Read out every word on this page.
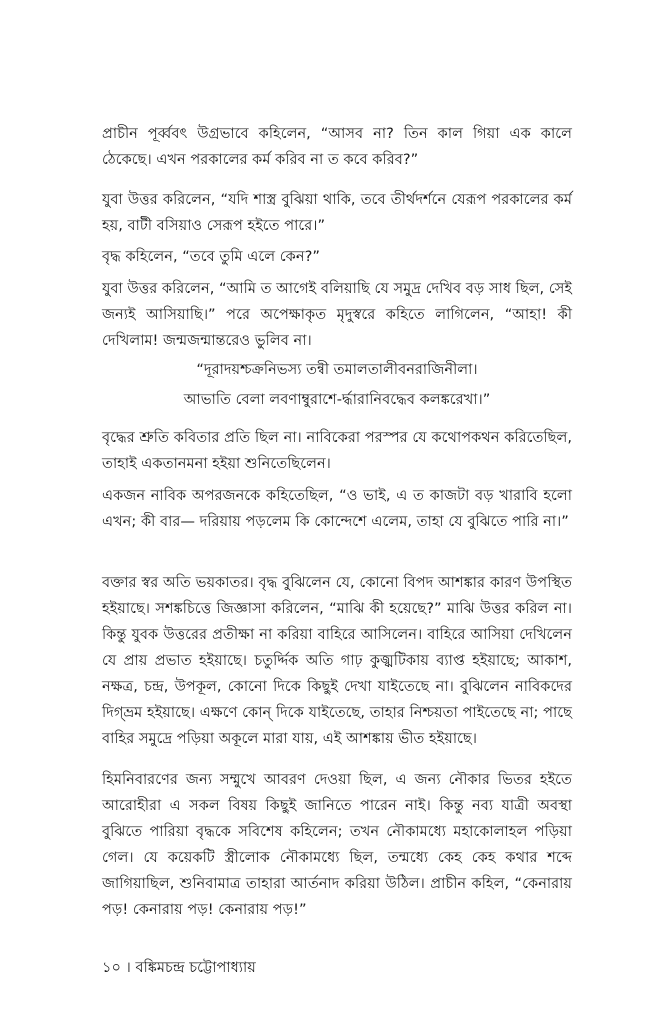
প্রাচীন পূর্ব্ববৎ উগ্রভাবে কহিলেন, “আসব না? তিন কাল গিয়া এক কালে ঠেকেছে। এখন পরকালের কর্ম করিব না ত কবে করিব?”

যুবা উত্তর করিলেন, “যদি শাস্ত্র বুঝিয়া থাকি, তবে তীর্থদর্শনে যেরূপ পরকালের কর্ম হয়, বাটী বসিয়াও সেরূপ হইতে পারে।”

বৃদ্ধ কহিলেন, “তবে তুমি এলে কেন?”

যুবা উত্তর করিলেন, “আমি ত আগেই বলিয়াছি যে সমুদ্র দেখিব বড় সাধ ছিল, সেই জন্যই আসিয়াছি।” পরে অপেক্ষাকৃত মৃদুস্বরে কহিতে লাগিলেন, “আহা! কী দেখিলাম! জন্মজন্মান্তরেও ভুলিব না।

“দূরাদয়শ্চক্রনিভস্য তন্বী তমালতালীবনরাজিনীলা।

আভাতি বেলা লবণাম্বুরাশে-র্দ্ধারানিবদ্ধেব কলঙ্করেখা।”

বৃদ্ধের শ্রুতি কবিতার প্রতি ছিল না। নাবিকেরা পরস্পর যে কথোপকথন করিতেছিল, তাহাই একতানমনা হইয়া শুনিতেছিলেন।

একজন নাবিক অপরজনকে কহিতেছিল, “ও ভাই, এ ত কাজটা বড় খারাবি হলো এখন; কী বার— দরিয়ায় পড়লেম কি কোন্দেশে এলেম, তাহা যে বুঝিতে পারি না।”

বক্তার স্বর অতি ভয়কাতর। বৃদ্ধ বুঝিলেন যে, কোনো বিপদ আশঙ্কার কারণ উপস্থিত হইয়াছে। সশঙ্কচিত্তে জিজ্ঞাসা করিলেন, “মাঝি কী হয়েছে?” মাঝি উত্তর করিল না। কিন্তু যুবক উত্তরের প্রতীক্ষা না করিয়া বাহিরে আসিলেন। বাহিরে আসিয়া দেখিলেন যে প্রায় প্রভাত হইয়াছে। চতুর্দ্দিক অতি গাঢ় কুজ্ঝটিকায় ব্যাপ্ত হইয়াছে; আকাশ, নক্ষত্র, চন্দ্র, উপকূল, কোনো দিকে কিছুই দেখা যাইতেছে না। বুঝিলেন নাবিকদের দিগ্‌ভ্রম হইয়াছে। এক্ষণে কোন্ দিকে যাইতেছে, তাহার নিশ্চয়তা পাইতেছে না; পাছে বাহির সমুদ্রে পড়িয়া অকূলে মারা যায়, এই আশঙ্কায় ভীত হইয়াছে।

হিমনিবারণের জন্য সম্মুখে আবরণ দেওয়া ছিল, এ জন্য নৌকার ভিতর হইতে আরোহীরা এ সকল বিষয় কিছুই জানিতে পারেন নাই। কিন্তু নব্য যাত্রী অবস্থা বুঝিতে পারিয়া বৃদ্ধকে সবিশেষ কহিলেন; তখন নৌকামধ্যে মহাকোলাহল পড়িয়া গেল। যে কয়েকটি স্ত্রীলোক নৌকামধ্যে ছিল, তন্মধ্যে কেহ কেহ কথার শব্দে জাগিয়াছিল, শুনিবামাত্র তাহারা আর্তনাদ করিয়া উঠিল। প্রাচীন কহিল, “কেনারায় পড়! কেনারায় পড়! কেনারায় পড়!”

১০ । বঙ্কিমচন্দ্র চট্টোপাধ্যায়
